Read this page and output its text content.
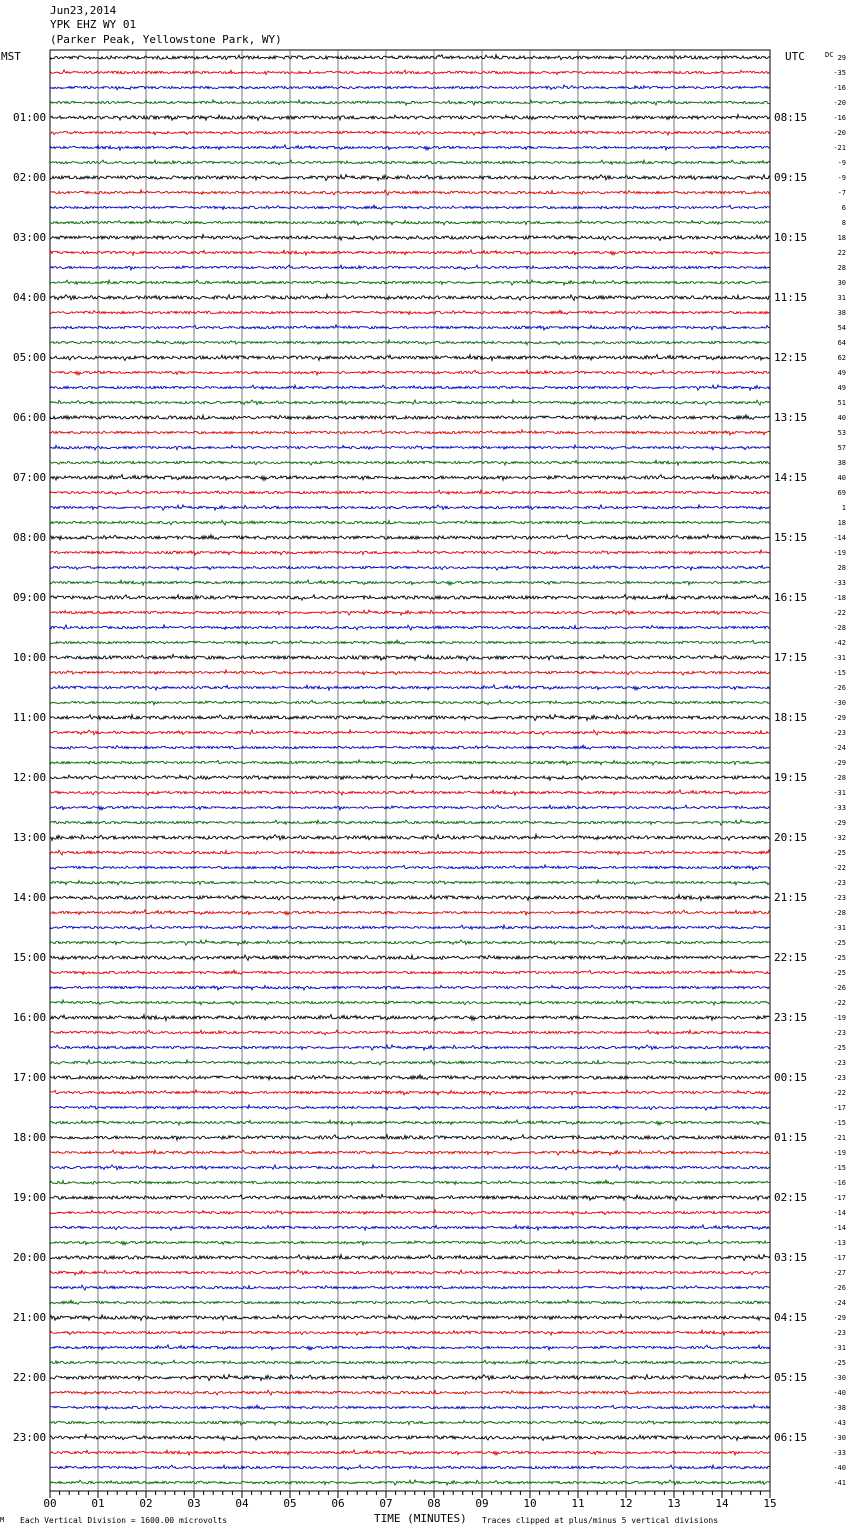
Jun23,2014
YPK EHZ WY 01
(Parker Peak, Yellowstone Park, WY)
MST	UTC	DC
01:00
02:00
03:00
04:00
05:00
06:00
07:00
08:00
09:00
10:00
11:00
12:00
13:00
14:00
15:00
16:00
17:00
18:00
19:00
20:00
21:00
22:00
23:00
08:15
09:15
10:15
11:15
12:15
13:15
14:15
15:15
16:15
17:15
18:15
19:15
20:15
21:15
22:15
23:15
00:15
01:15
02:15
03:15
04:15
05:15
06:15
29
-35
-16
-20
-16
-20
-21
-9
-9
-7
6
8
18
22
28
30
31
38
54
64
62
49
49
51
40
53
57
38
40
69
1
18
-14
-19
28
-33
-18
-22
-28
-42
-31
-15
-26
-30
-29
-23
-24
-29
-28
-31
-33
-29
-32
-25
-22
-23
-23
-28
-31
-25
-25
-25
-26
-22
-19
-23
-25
-23
-23
-22
-17
-15
-21
-19
-15
-16
-17
-14
-14
-13
-17
-27
-26
-24
-29
-23
-31
-25
-30
-40
-38
-43
-30
-33
-40
-41
00	01	02	03	04	05	06	07	08	09	10	11	12	13	14	15
M Each Vertical Division = 1600.00 microvolts	TIME (MINUTES) Traces clipped at plus/minus 5 vertical divisions
